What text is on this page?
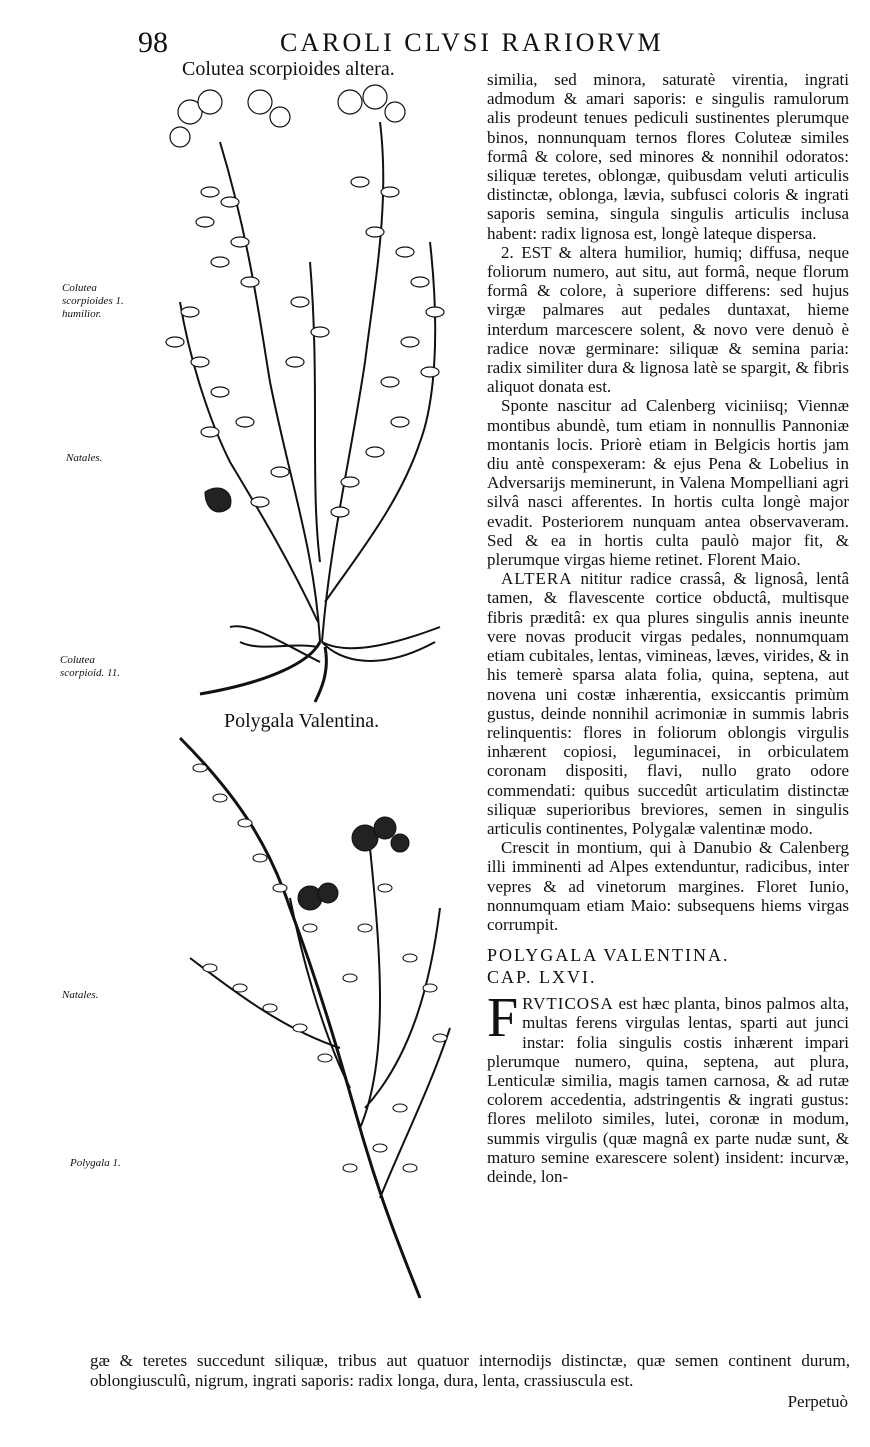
98	CAROLI CLVSI RARIORVM
Colutea scorpioides altera.
Polygala Valentina.
Colutea scorpioides 1. humilior.
Natales.
Colutea scorpioid. 11.
Natales.
Polygala 1.

similia, sed minora, saturatè virentia, ingrati admodum & amari saporis: e singulis ramulorum alis prodeunt tenues pediculi sustinentes plerumque binos, nonnunquam ternos flores Coluteæ similes formâ & colore, sed minores & nonnihil odoratos: siliquæ teretes, oblongæ, quibusdam veluti articulis distinctæ, oblonga, lævia, subfusci coloris & ingrati saporis semina, singula singulis articulis inclusa habent: radix lignosa est, longè lateque dispersa.

2. EST & altera humilior, humiq; diffusa, neque foliorum numero, aut situ, aut formâ, neque florum formâ & colore, à superiore differens: sed hujus virgæ palmares aut pedales duntaxat, hieme interdum marcescere solent, & novo vere denuò è radice novæ germinare: siliquæ & semina paria: radix similiter dura & lignosa latè se spargit, & fibris aliquot donata est.

Sponte nascitur ad Calenberg viciniisq; Viennæ montibus abundè, tum etiam in nonnullis Pannoniæ montanis locis. Priorè etiam in Belgicis hortis jam diu antè conspexeram: & ejus Pena & Lobelius in Adversarijs meminerunt, in Valena Mompelliani agri silvâ nasci afferentes. In hortis culta longè major evadit. Posteriorem nunquam antea observaveram. Sed & ea in hortis culta paulò major fit, & plerumque virgas hieme retinet. Florent Maio.

ALTERA nititur radice crassâ, & lignosâ, lentâ tamen, & flavescente cortice obductâ, multisque fibris præditâ: ex qua plures singulis annis ineunte vere novas producit virgas pedales, nonnumquam etiam cubitales, lentas, vimineas, læves, virides, & in his temerè sparsa alata folia, quina, septena, aut novena uni costæ inhærentia, exsiccantis primùm gustus, deinde nonnihil acrimoniæ in summis labris relinquentis: flores in foliorum oblongis virgulis inhærent copiosi, leguminacei, in orbiculatem coronam dispositi, flavi, nullo grato odore commendati: quibus succedût articulatim distinctæ siliquæ superioribus breviores, semen in singulis articulis continentes, Polygalæ valentinæ modo.

Crescit in montium, qui à Danubio & Calenberg illi imminenti ad Alpes extenduntur, radicibus, inter vepres & ad vinetorum margines. Floret Iunio, nonnumquam etiam Maio: subsequens hiems virgas corrumpit.

POLYGALA VALENTINA.

CAP. LXVI.

FRVTICOSA est hæc planta, binos palmos alta, multas ferens virgulas lentas, sparti aut junci instar: folia singulis costis inhærent impari plerumque numero, quina, septena, aut plura, Lenticulæ similia, magis tamen carnosa, & ad rutæ colorem accedentia, adstringentis & ingrati gustus: flores meliloto similes, lutei, coronæ in modum, summis virgulis (quæ magnâ ex parte nudæ sunt, & maturo semine exarescere solent) insident: incurvæ, deinde, lon-

gæ & teretes succedunt siliquæ, tribus aut quatuor internodijs distinctæ, quæ semen continent durum, oblongiusculû, nigrum, ingrati saporis: radix longa, dura, lenta, crassiuscula est.
Perpetuò
